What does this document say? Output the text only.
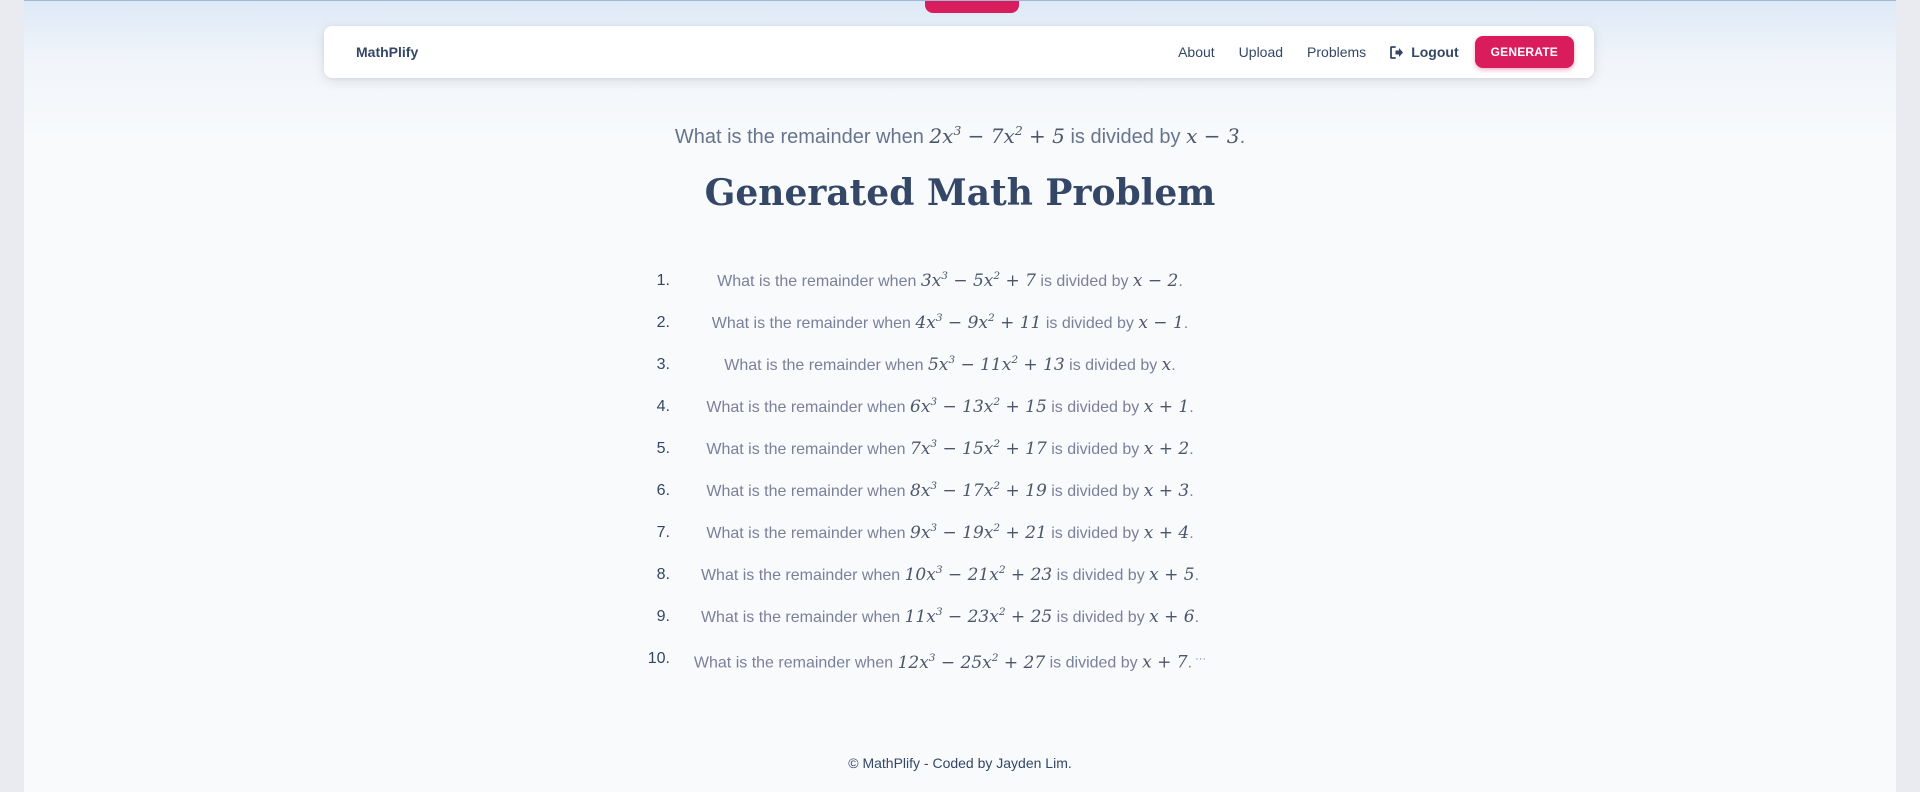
MathPlify	About Upload Problems	Logout	GENERATE
What is the remainder when $2x^3 - 7x^2 + 5$ is divided by x − 3.
Generated Math Problem
1.	What is the remainder when $3x^3 - 5x^2 + 7$ is divided by x − 2.
2.	What is the remainder when $4x^3 - 9x^2 + 11$ is divided by x − 1.
3.	What is the remainder when $5x^3 - 11x^2 + 13$ is divided by x.
4.	What is the remainder when $6x^3 - 13x^2 + 15$ is divided by x + 1.
5.	What is the remainder when $7x^3 - 15x^2 + 17$ is divided by x + 2.
6.	What is the remainder when $8x^3 - 17x^2 + 19$ is divided by x + 3.
7.	What is the remainder when $9x^3 - 19x^2 + 21$ is divided by x + 4.
8.	What is the remainder when $10x^3 - 21x^2 + 23$ is divided by x + 5.
9.	What is the remainder when $11x^3 - 23x^2 + 25$ is divided by x + 6.
10.	What is the remainder when $12x^3 - 25x^2 + 27$ is divided by x + 7. ···
© MathPlify - Coded by Jayden Lim.
